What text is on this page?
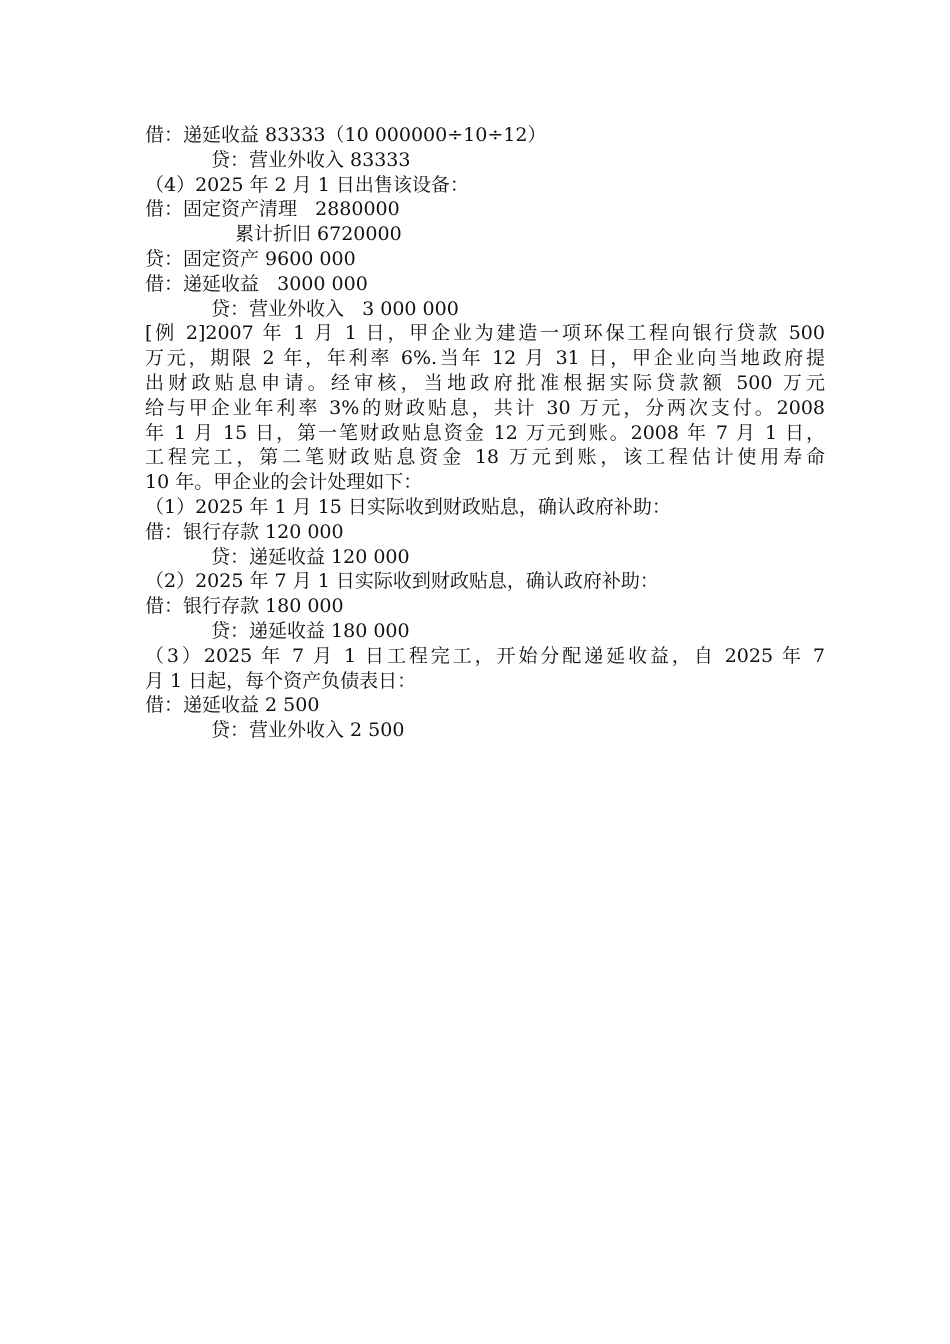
借：递延收益 83333（10 000000÷10÷12）
贷：营业外收入 83333
（4）2025 年 2 月 1 日出售该设备：
借：固定资产清理   2880000
累计折旧 6720000
贷：固定资产 9600 000
借：递延收益   3000 000
贷：营业外收入   3 000 000
[例 2]2007 年 1 月 1 日，甲企业为建造一项环保工程向银行贷款 500
万元，期限 2 年，年利率 6%.当年 12 月 31 日，甲企业向当地政府提
出财政贴息申请。经审核，当地政府批准根据实际贷款额 500 万元
给与甲企业年利率 3%的财政贴息，共计 30 万元，分两次支付。2008
年 1 月 15 日，第一笔财政贴息资金 12 万元到账。2008 年 7 月 1 日，
工程完工，第二笔财政贴息资金 18 万元到账，该工程估计使用寿命
10 年。甲企业的会计处理如下：
（1）2025 年 1 月 15 日实际收到财政贴息，确认政府补助：
借：银行存款 120 000
贷：递延收益 120 000
（2）2025 年 7 月 1 日实际收到财政贴息，确认政府补助：
借：银行存款 180 000
贷：递延收益 180 000
（3）2025 年 7 月 1 日工程完工，开始分配递延收益，自 2025 年 7
月 1 日起，每个资产负债表日：
借：递延收益 2 500
贷：营业外收入 2 500
